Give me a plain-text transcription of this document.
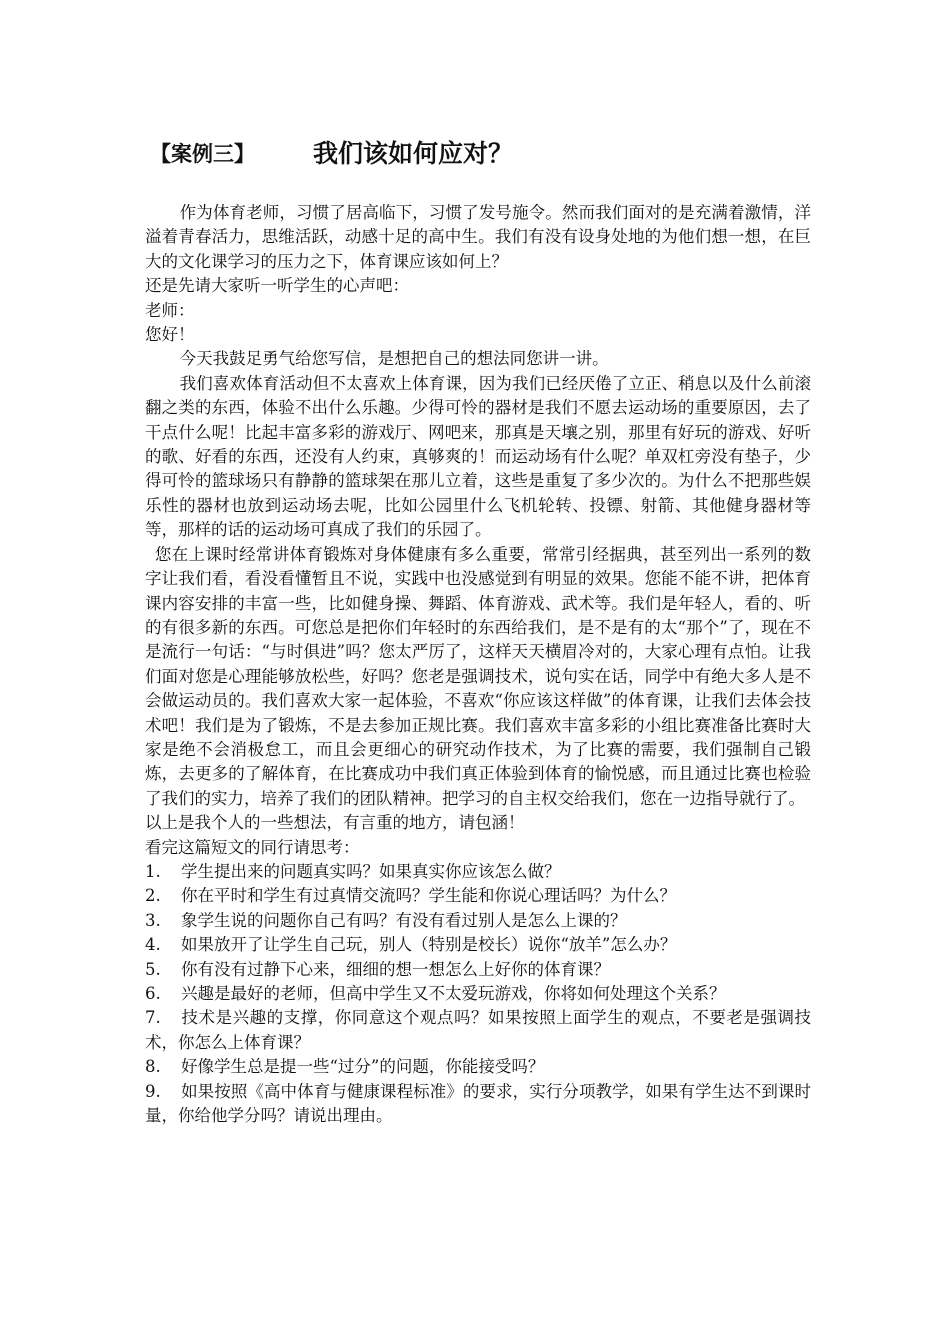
【案例三】 我们该如何应对？

作为体育老师，习惯了居高临下，习惯了发号施令。然而我们面对的是充满着激情，洋溢着青春活力，思维活跃，动感十足的高中生。我们有没有设身处地的为他们想一想，在巨大的文化课学习的压力之下，体育课应该如何上？

还是先请大家听一听学生的心声吧：

老师：

您好！

今天我鼓足勇气给您写信，是想把自己的想法同您讲一讲。

我们喜欢体育活动但不太喜欢上体育课，因为我们已经厌倦了立正、稍息以及什么前滚翻之类的东西，体验不出什么乐趣。少得可怜的器材是我们不愿去运动场的重要原因，去了干点什么呢！比起丰富多彩的游戏厅、网吧来，那真是天壤之别，那里有好玩的游戏、好听的歌、好看的东西，还没有人约束，真够爽的！而运动场有什么呢？单双杠旁没有垫子，少得可怜的篮球场只有静静的篮球架在那儿立着，这些是重复了多少次的。为什么不把那些娱乐性的器材也放到运动场去呢，比如公园里什么飞机轮转、投镖、射箭、其他健身器材等等，那样的话的运动场可真成了我们的乐园了。

您在上课时经常讲体育锻炼对身体健康有多么重要，常常引经据典，甚至列出一系列的数字让我们看，看没看懂暂且不说，实践中也没感觉到有明显的效果。您能不能不讲，把体育课内容安排的丰富一些，比如健身操、舞蹈、体育游戏、武术等。我们是年轻人，看的、听的有很多新的东西。可您总是把你们年轻时的东西给我们，是不是有的太“那个”了，现在不是流行一句话：“与时俱进”吗？您太严厉了，这样天天横眉冷对的，大家心理有点怕。让我们面对您是心理能够放松些，好吗？您老是强调技术，说句实在话，同学中有绝大多人是不会做运动员的。我们喜欢大家一起体验，不喜欢“你应该这样做”的体育课，让我们去体会技术吧！我们是为了锻炼，不是去参加正规比赛。我们喜欢丰富多彩的小组比赛准备比赛时大家是绝不会消极怠工，而且会更细心的研究动作技术，为了比赛的需要，我们强制自己锻炼，去更多的了解体育，在比赛成功中我们真正体验到体育的愉悦感，而且通过比赛也检验了我们的实力，培养了我们的团队精神。把学习的自主权交给我们，您在一边指导就行了。

以上是我个人的一些想法，有言重的地方，请包涵！

看完这篇短文的同行请思考：

1. 学生提出来的问题真实吗？如果真实你应该怎么做？

2. 你在平时和学生有过真情交流吗？学生能和你说心理话吗？为什么？

3. 象学生说的问题你自己有吗？有没有看过别人是怎么上课的？

4. 如果放开了让学生自己玩，别人（特别是校长）说你“放羊”怎么办？

5. 你有没有过静下心来，细细的想一想怎么上好你的体育课？

6. 兴趣是最好的老师，但高中学生又不太爱玩游戏，你将如何处理这个关系？

7. 技术是兴趣的支撑，你同意这个观点吗？如果按照上面学生的观点，不要老是强调技术，你怎么上体育课？

8. 好像学生总是提一些“过分”的问题，你能接受吗？

9. 如果按照《高中体育与健康课程标准》的要求，实行分项教学，如果有学生达不到课时量，你给他学分吗？请说出理由。
